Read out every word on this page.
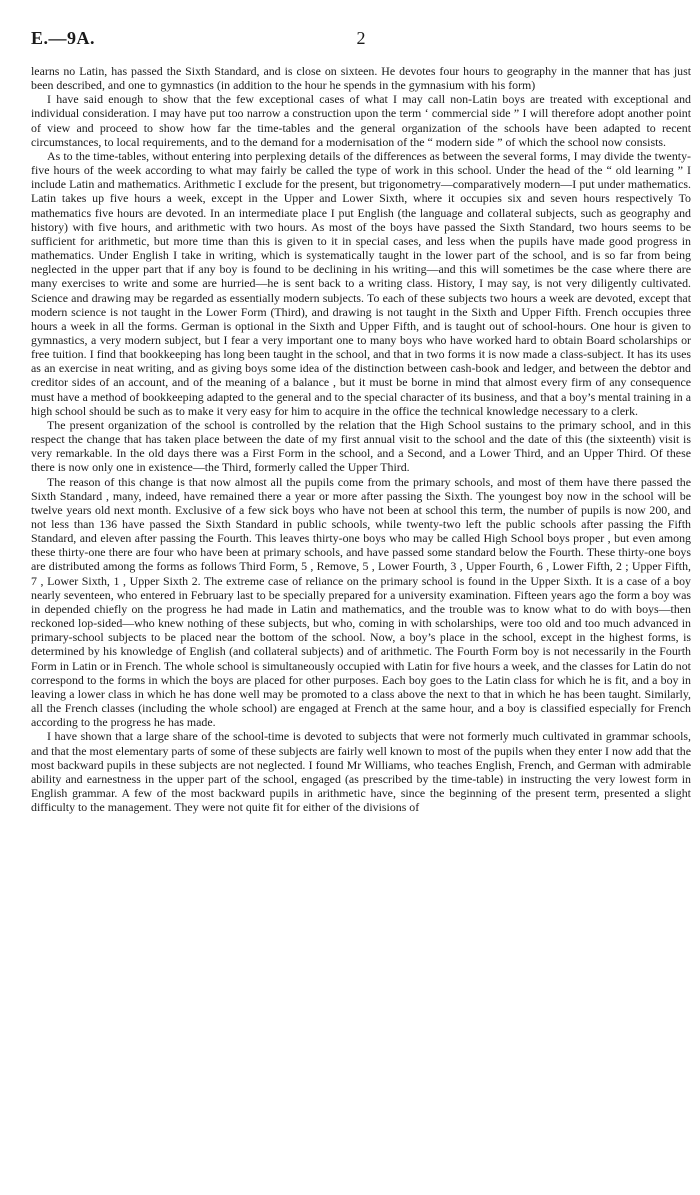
E.—9A.	2

learns no Latin, has passed the Sixth Standard, and is close on sixteen. He devotes four hours to geography in the manner that has just been described, and one to gymnastics (in addition to the hour he spends in the gymnasium with his form)

I have said enough to show that the few exceptional cases of what I may call non-Latin boys are treated with exceptional and individual consideration. I may have put too narrow a construction upon the term ‘ commercial side ” I will therefore adopt another point of view and proceed to show how far the time-tables and the general organization of the schools have been adapted to recent circumstances, to local requirements, and to the demand for a modernisation of the “ modern side ” of which the school now consists.

As to the time-tables, without entering into perplexing details of the differences as between the several forms, I may divide the twenty-five hours of the week according to what may fairly be called the type of work in this school. Under the head of the “ old learning ” I include Latin and mathematics. Arithmetic I exclude for the present, but trigonometry—comparatively modern—I put under mathematics. Latin takes up five hours a week, except in the Upper and Lower Sixth, where it occupies six and seven hours respectively To mathematics five hours are devoted. In an intermediate place I put English (the language and collateral subjects, such as geography and history) with five hours, and arithmetic with two hours. As most of the boys have passed the Sixth Standard, two hours seems to be sufficient for arithmetic, but more time than this is given to it in special cases, and less when the pupils have made good progress in mathematics. Under English I take in writing, which is systematically taught in the lower part of the school, and is so far from being neglected in the upper part that if any boy is found to be declining in his writing—and this will sometimes be the case where there are many exercises to write and some are hurried—he is sent back to a writing class. History, I may say, is not very diligently cultivated. Science and drawing may be regarded as essentially modern subjects. To each of these subjects two hours a week are devoted, except that modern science is not taught in the Lower Form (Third), and drawing is not taught in the Sixth and Upper Fifth. French occupies three hours a week in all the forms. German is optional in the Sixth and Upper Fifth, and is taught out of school-hours. One hour is given to gymnastics, a very modern subject, but I fear a very important one to many boys who have worked hard to obtain Board scholarships or free tuition. I find that bookkeeping has long been taught in the school, and that in two forms it is now made a class-subject. It has its uses as an exercise in neat writing, and as giving boys some idea of the distinction between cash-book and ledger, and between the debtor and creditor sides of an account, and of the meaning of a balance , but it must be borne in mind that almost every firm of any consequence must have a method of bookkeeping adapted to the general and to the special character of its business, and that a boy’s mental training in a high school should be such as to make it very easy for him to acquire in the office the technical knowledge necessary to a clerk.

The present organization of the school is controlled by the relation that the High School sustains to the primary school, and in this respect the change that has taken place between the date of my first annual visit to the school and the date of this (the sixteenth) visit is very remarkable. In the old days there was a First Form in the school, and a Second, and a Lower Third, and an Upper Third. Of these there is now only one in existence—the Third, formerly called the Upper Third.

The reason of this change is that now almost all the pupils come from the primary schools, and most of them have there passed the Sixth Standard , many, indeed, have remained there a year or more after passing the Sixth. The youngest boy now in the school will be twelve years old next month. Exclusive of a few sick boys who have not been at school this term, the number of pupils is now 200, and not less than 136 have passed the Sixth Standard in public schools, while twenty-two left the public schools after passing the Fifth Standard, and eleven after passing the Fourth. This leaves thirty-one boys who may be called High School boys proper , but even among these thirty-one there are four who have been at primary schools, and have passed some standard below the Fourth. These thirty-one boys are distributed among the forms as follows Third Form, 5 , Remove, 5 , Lower Fourth, 3 , Upper Fourth, 6 , Lower Fifth, 2 ; Upper Fifth, 7 , Lower Sixth, 1 , Upper Sixth 2. The extreme case of reliance on the primary school is found in the Upper Sixth. It is a case of a boy nearly seventeen, who entered in February last to be specially prepared for a university examination. Fifteen years ago the form a boy was in depended chiefly on the progress he had made in Latin and mathematics, and the trouble was to know what to do with boys—then reckoned lop-sided—who knew nothing of these subjects, but who, coming in with scholarships, were too old and too much advanced in primary-school subjects to be placed near the bottom of the school. Now, a boy’s place in the school, except in the highest forms, is determined by his knowledge of English (and collateral subjects) and of arithmetic. The Fourth Form boy is not necessarily in the Fourth Form in Latin or in French. The whole school is simultaneously occupied with Latin for five hours a week, and the classes for Latin do not correspond to the forms in which the boys are placed for other purposes. Each boy goes to the Latin class for which he is fit, and a boy in leaving a lower class in which he has done well may be promoted to a class above the next to that in which he has been taught. Similarly, all the French classes (including the whole school) are engaged at French at the same hour, and a boy is classified especially for French according to the progress he has made.

I have shown that a large share of the school-time is devoted to subjects that were not formerly much cultivated in grammar schools, and that the most elementary parts of some of these subjects are fairly well known to most of the pupils when they enter I now add that the most backward pupils in these subjects are not neglected. I found Mr Williams, who teaches English, French, and German with admirable ability and earnestness in the upper part of the school, engaged (as prescribed by the time-table) in instructing the very lowest form in English grammar. A few of the most backward pupils in arithmetic have, since the beginning of the present term, presented a slight difficulty to the management. They were not quite fit for either of the divisions of
